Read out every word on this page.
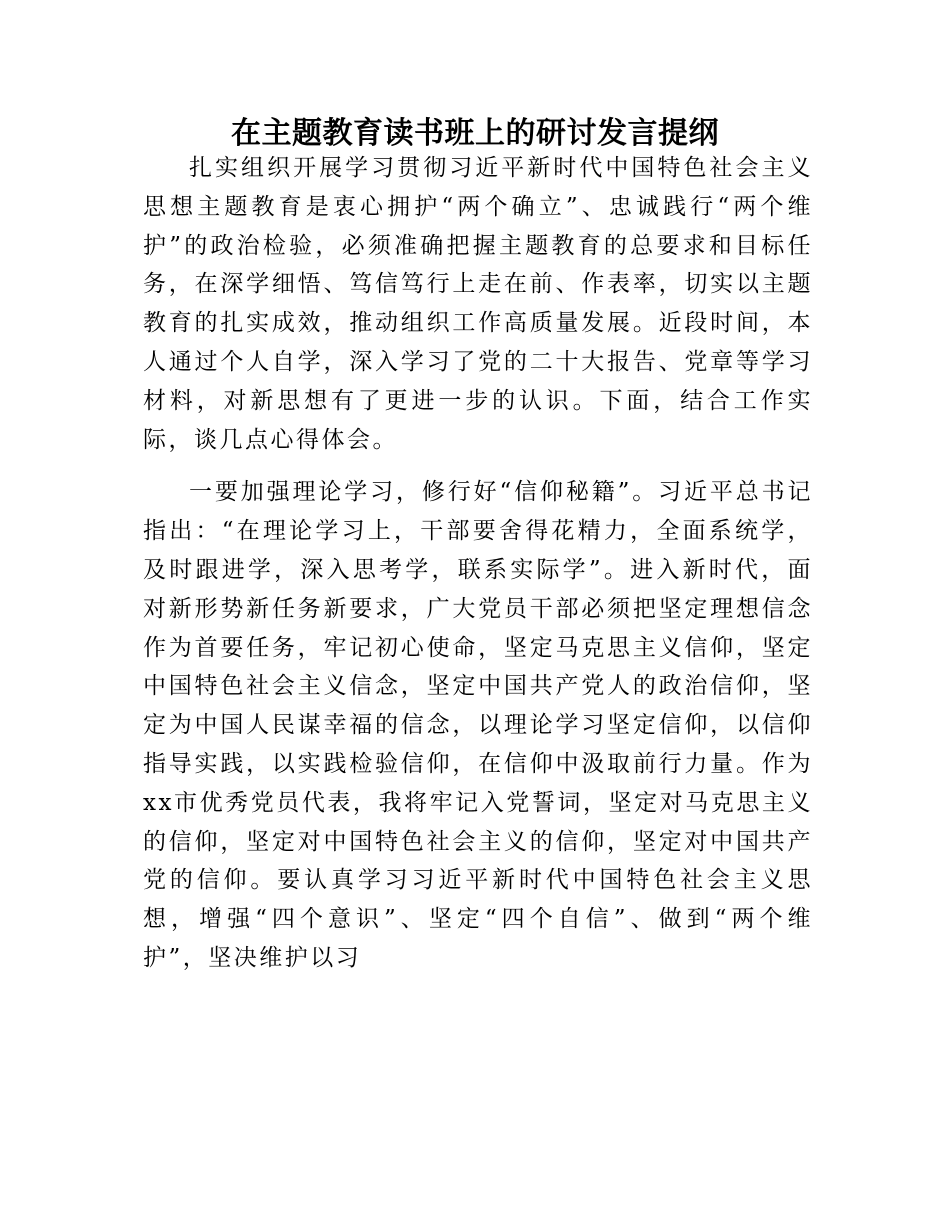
在主题教育读书班上的研讨发言提纲

扎实组织开展学习贯彻习近平新时代中国特色社会主义思想主题教育是衷心拥护“两个确立”、忠诚践行“两个维护”的政治检验，必须准确把握主题教育的总要求和目标任务，在深学细悟、笃信笃行上走在前、作表率，切实以主题教育的扎实成效，推动组织工作高质量发展。近段时间，本人通过个人自学，深入学习了党的二十大报告、党章等学习材料，对新思想有了更进一步的认识。下面，结合工作实际，谈几点心得体会。

一要加强理论学习，修行好“信仰秘籍”。习近平总书记指出：“在理论学习上，干部要舍得花精力，全面系统学，及时跟进学，深入思考学，联系实际学”。进入新时代，面对新形势新任务新要求，广大党员干部必须把坚定理想信念作为首要任务，牢记初心使命，坚定马克思主义信仰，坚定中国特色社会主义信念，坚定中国共产党人的政治信仰，坚定为中国人民谋幸福的信念，以理论学习坚定信仰，以信仰指导实践，以实践检验信仰，在信仰中汲取前行力量。作为xx市优秀党员代表，我将牢记入党誓词，坚定对马克思主义的信仰，坚定对中国特色社会主义的信仰，坚定对中国共产党的信仰。要认真学习习近平新时代中国特色社会主义思想，增强“四个意识”、坚定“四个自信”、做到“两个维护”，坚决维护以习
